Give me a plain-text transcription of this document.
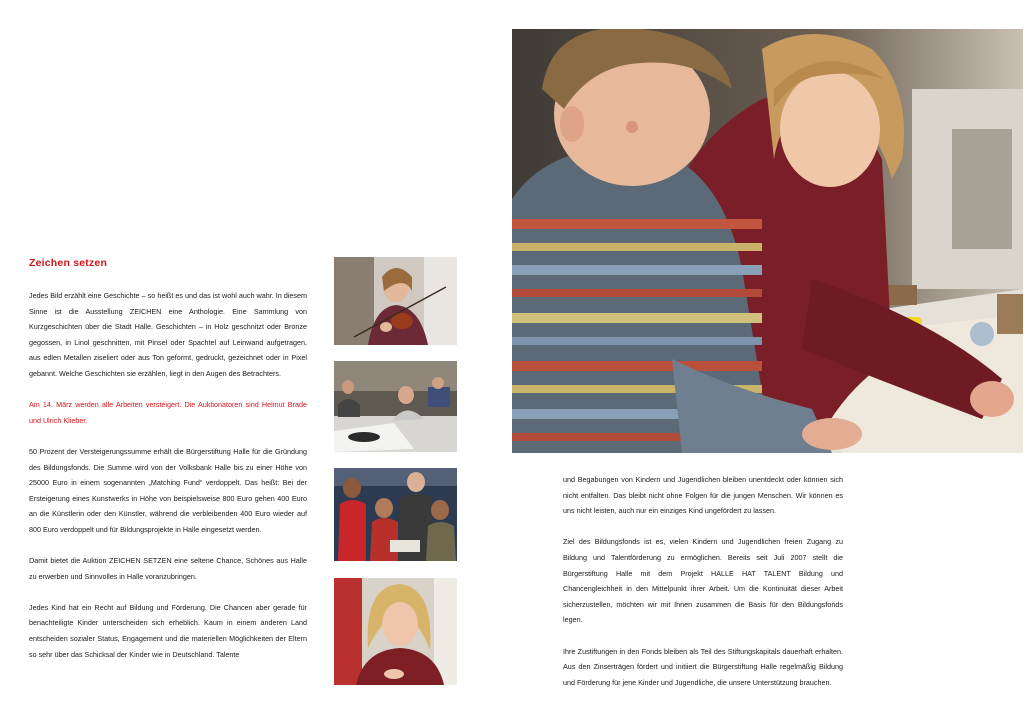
Zeichen setzen

Jedes Bild erzählt eine Geschichte – so heißt es und das ist wohl auch wahr. In diesem Sinne ist die Ausstellung ZEICHEN eine Anthologie. Eine Sammlung von Kurzgeschichten über die Stadt Halle. Geschichten – in Holz geschnitzt oder Bronze gegossen, in Linol geschnitten, mit Pinsel oder Spachtel auf Leinwand aufgetragen, aus edlen Metallen ziseliert oder aus Ton geformt, gedruckt, gezeichnet oder in Pixel gebannt. Welche Geschichten sie erzählen, liegt in den Augen des Betrachters.

Am 14. März werden alle Arbeiten versteigert. Die Auktionatoren sind Helmut Brade und Ulrich Klieber.

50 Prozent der Versteigerungssumme erhält die Bürgerstiftung Halle für die Gründung des Bildungsfonds. Die Summe wird von der Volksbank Halle bis zu einer Höhe von 25000 Euro in einem sogenannten „Matching Fund“ verdoppelt. Das heißt: Bei der Ersteigerung eines Kunstwerks in Höhe von beispielsweise 800 Euro gehen 400 Euro an die Künstlerin oder den Künstler, während die verbleibenden 400 Euro wieder auf 800 Euro verdoppelt und für Bildungsprojekte in Halle eingesetzt werden.

Damit bietet die Auktion ZEICHEN SETZEN eine seltene Chance, Schönes aus Halle zu erwerben und Sinnvolles in Halle voranzubringen.

Jedes Kind hat ein Recht auf Bildung und Förderung. Die Chancen aber gerade für benachteiligte Kinder unterscheiden sich erheblich. Kaum in einem anderen Land entscheiden sozialer Status, Engagement und die materiellen Möglichkeiten der Eltern so sehr über das Schicksal der Kinder wie in Deutschland. Talente

und Begabungen von Kindern und Jugendlichen bleiben unentdeckt oder können sich nicht entfalten. Das bleibt nicht ohne Folgen für die jungen Menschen. Wir können es uns nicht leisten, auch nur ein einziges Kind ungefördert zu lassen.

Ziel des Bildungsfonds ist es, vielen Kindern und Jugendlichen freien Zugang zu Bildung und Talentförderung zu ermöglichen. Bereits seit Juli 2007 stellt die Bürgerstiftung Halle mit dem Projekt HALLE HAT TALENT Bildung und Chancengleichheit in den Mittelpunkt ihrer Arbeit. Um die Kontinuität dieser Arbeit sicherzustellen, möchten wir mit Ihnen zusammen die Basis für den Bildungsfonds legen.

Ihre Zustiftungen in den Fonds bleiben als Teil des Stiftungskapitals dauerhaft erhalten. Aus den Zinserträgen fördert und initiiert die Bürgerstiftung Halle regelmäßig Bildung und Förderung für jene Kinder und Jugendliche, die unsere Unterstützung brauchen.
